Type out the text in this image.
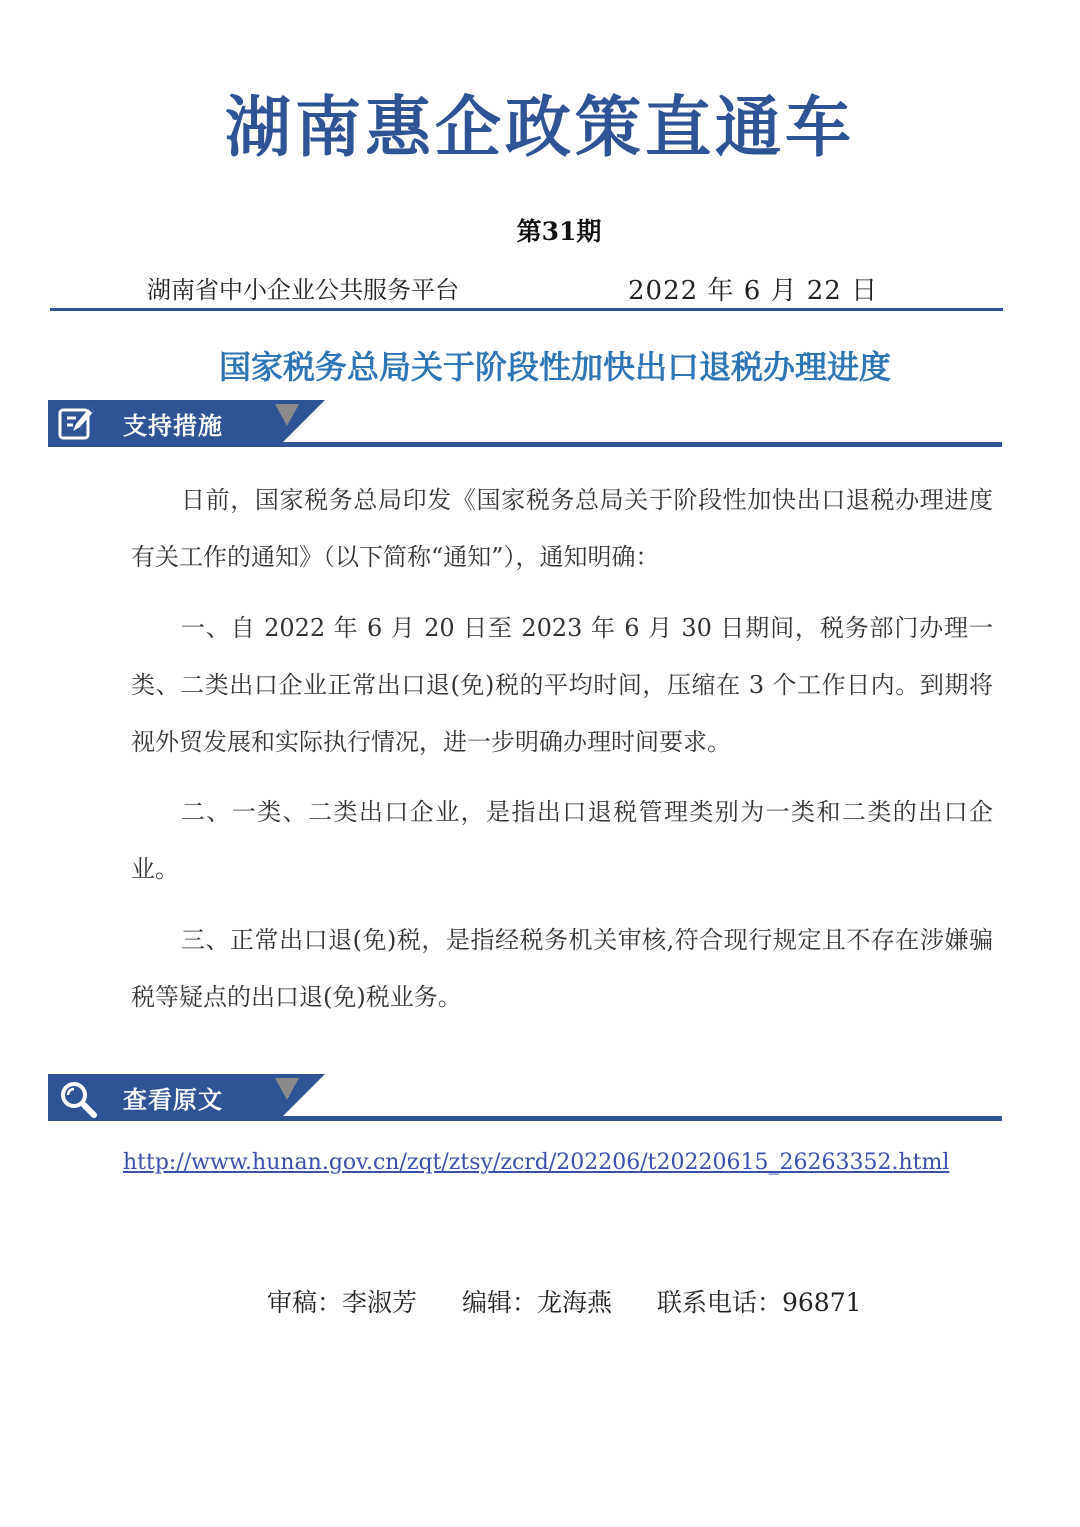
湖南惠企政策直通车
第31期
湖南省中小企业公共服务平台	2022 年 6 月 22 日
国家税务总局关于阶段性加快出口退税办理进度
支持措施

日前，国家税务总局印发《国家税务总局关于阶段性加快出口退税办理进度有关工作的通知》（以下简称“通知”），通知明确：

一、自 2022 年 6 月 20 日至 2023 年 6 月 30 日期间，税务部门办理一类、二类出口企业正常出口退(免)税的平均时间，压缩在 3 个工作日内。到期将视外贸发展和实际执行情况，进一步明确办理时间要求。

二、一类、二类出口企业，是指出口退税管理类别为一类和二类的出口企业。

三、正常出口退(免)税，是指经税务机关审核,符合现行规定且不存在涉嫌骗税等疑点的出口退(免)税业务。

查看原文
http://www.hunan.gov.cn/zqt/ztsy/zcrd/202206/t20220615_26263352.html
审稿：李淑芳 编辑：龙海燕 联系电话：96871
